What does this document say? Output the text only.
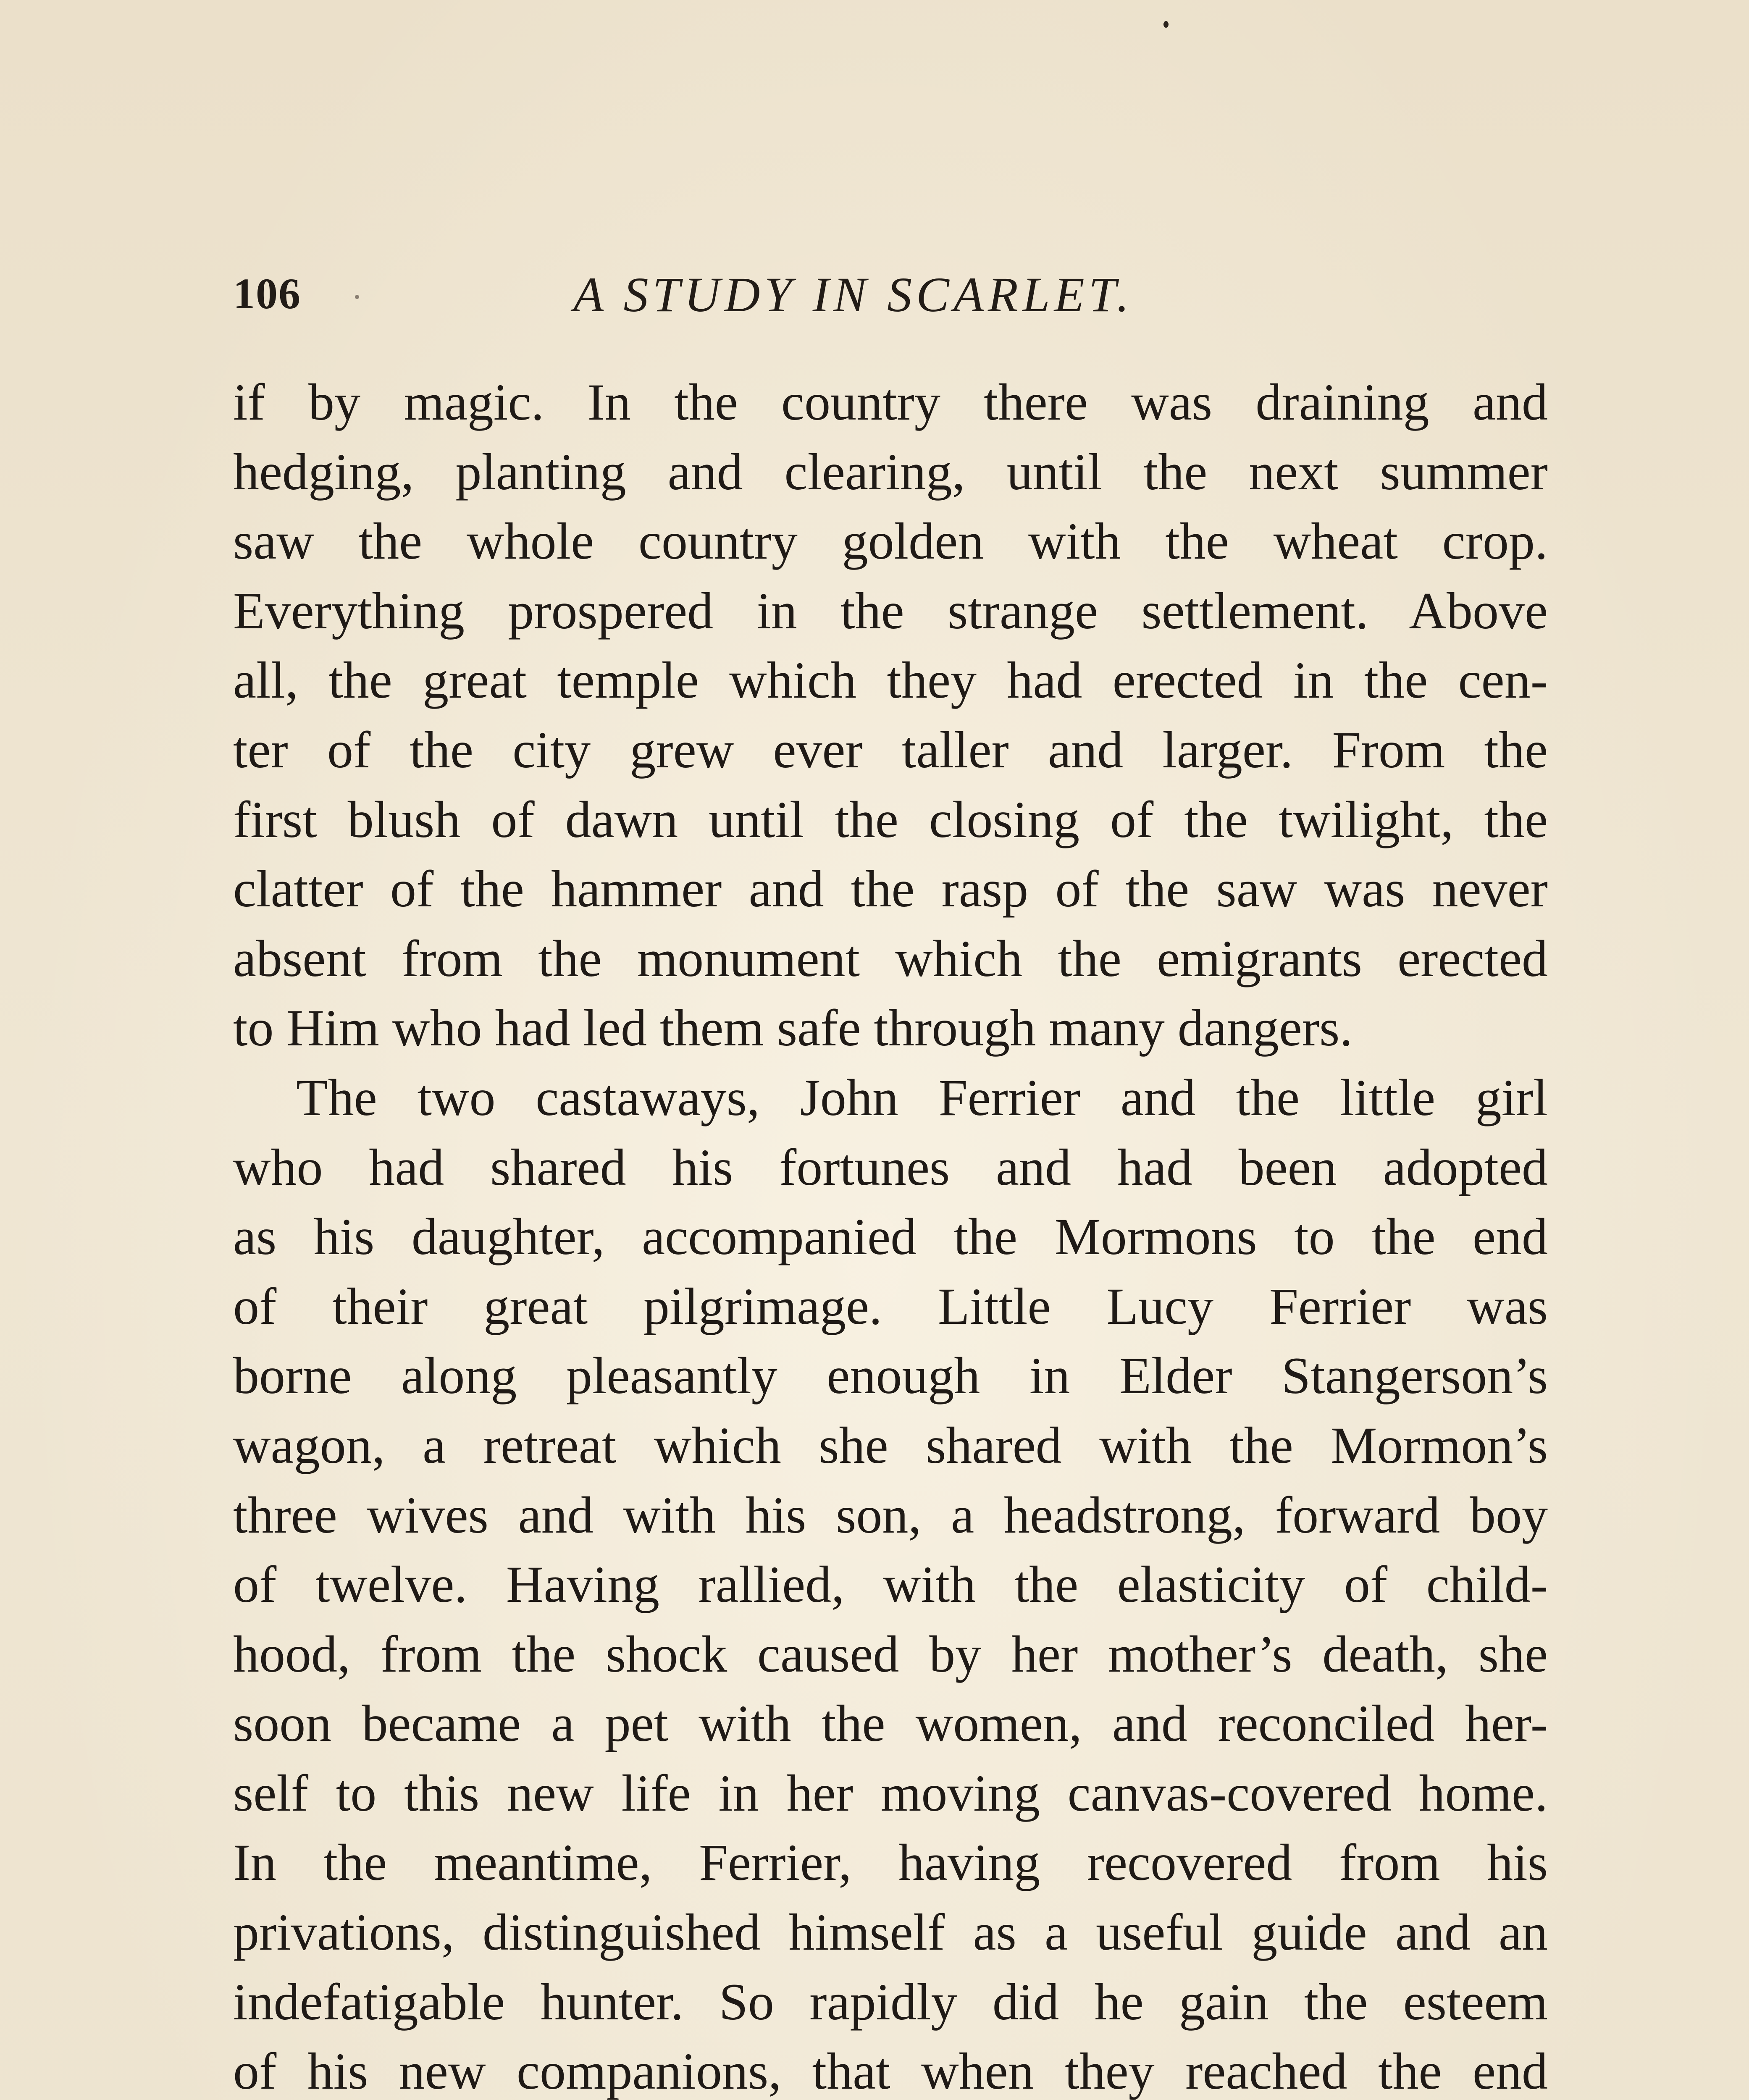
106	A STUDY IN SCARLET.

if by magic. In the country there was draining and
hedging, planting and clearing, until the next summer
saw the whole country golden with the wheat crop.
Everything prospered in the strange settlement. Above
all, the great temple which they had erected in the cen-
ter of the city grew ever taller and larger. From the
first blush of dawn until the closing of the twilight, the
clatter of the hammer and the rasp of the saw was never
absent from the monument which the emigrants erected
to Him who had led them safe through many dangers.

The two castaways, John Ferrier and the little girl
who had shared his fortunes and had been adopted
as his daughter, accompanied the Mormons to the end
of their great pilgrimage. Little Lucy Ferrier was
borne along pleasantly enough in Elder Stangerson’s
wagon, a retreat which she shared with the Mormon’s
three wives and with his son, a headstrong, forward boy
of twelve. Having rallied, with the elasticity of child-
hood, from the shock caused by her mother’s death, she
soon became a pet with the women, and reconciled her-
self to this new life in her moving canvas-covered home.
In the meantime, Ferrier, having recovered from his
privations, distinguished himself as a useful guide and an
indefatigable hunter. So rapidly did he gain the esteem
of his new companions, that when they reached the end
